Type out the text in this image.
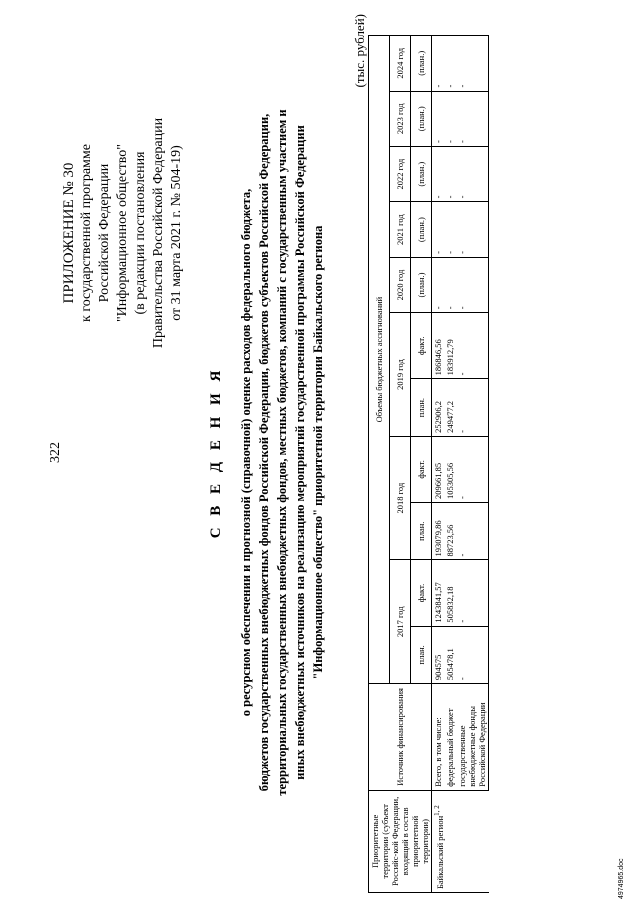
322
ПРИЛОЖЕНИЕ № 30 к государственной программе Российской Федерации "Информационное общество" (в редакции постановления Правительства Российской Федерации от 31 марта 2021 г. № 504-19)
С В Е Д Е Н И Я о ресурсном обеспечении и прогнозной (справочной) оценке расходов федерального бюджета, бюджетов государственных внебюджетных фондов Российской Федерации, бюджетов субъектов Российской Федерации, территориальных государственных внебюджетных фондов, местных бюджетов, компаний с государственным участием и иных внебюджетных источников на реализацию мероприятий государственной программы Российской Федерации "Информационное общество" приоритетной территории Байкальского региона
(тыс. рублей)
Приоритетные территории (субъект Российс-кой Федерации, входящий в состав приоритетной территории)	Источник финансирования	Объемы бюджетных ассигнований										
		2017 год		2018 год		2019 год		2020 год	2021 год	2022 год	2023 год	2024 год
		план.	факт.	план.	факт.	план.	факт.	(план.)	(план.)	(план.)	(план.)	(план.)
Байкальский регион$^{1, 2}$	Всего, в том числе:	904575	1243841,57	193079,86	209661,85	252906,2	186846,56	-	-	-	-	-
	федеральный бюджет	505478,1	505832,18	88723,56	105305,56	249477,2	183912,79	-	-	-	-	-
	государственные внебюджетные фонды Российской Федерации	-	-	-	-	-	-	-	-	-	-	-
4974965.doc
